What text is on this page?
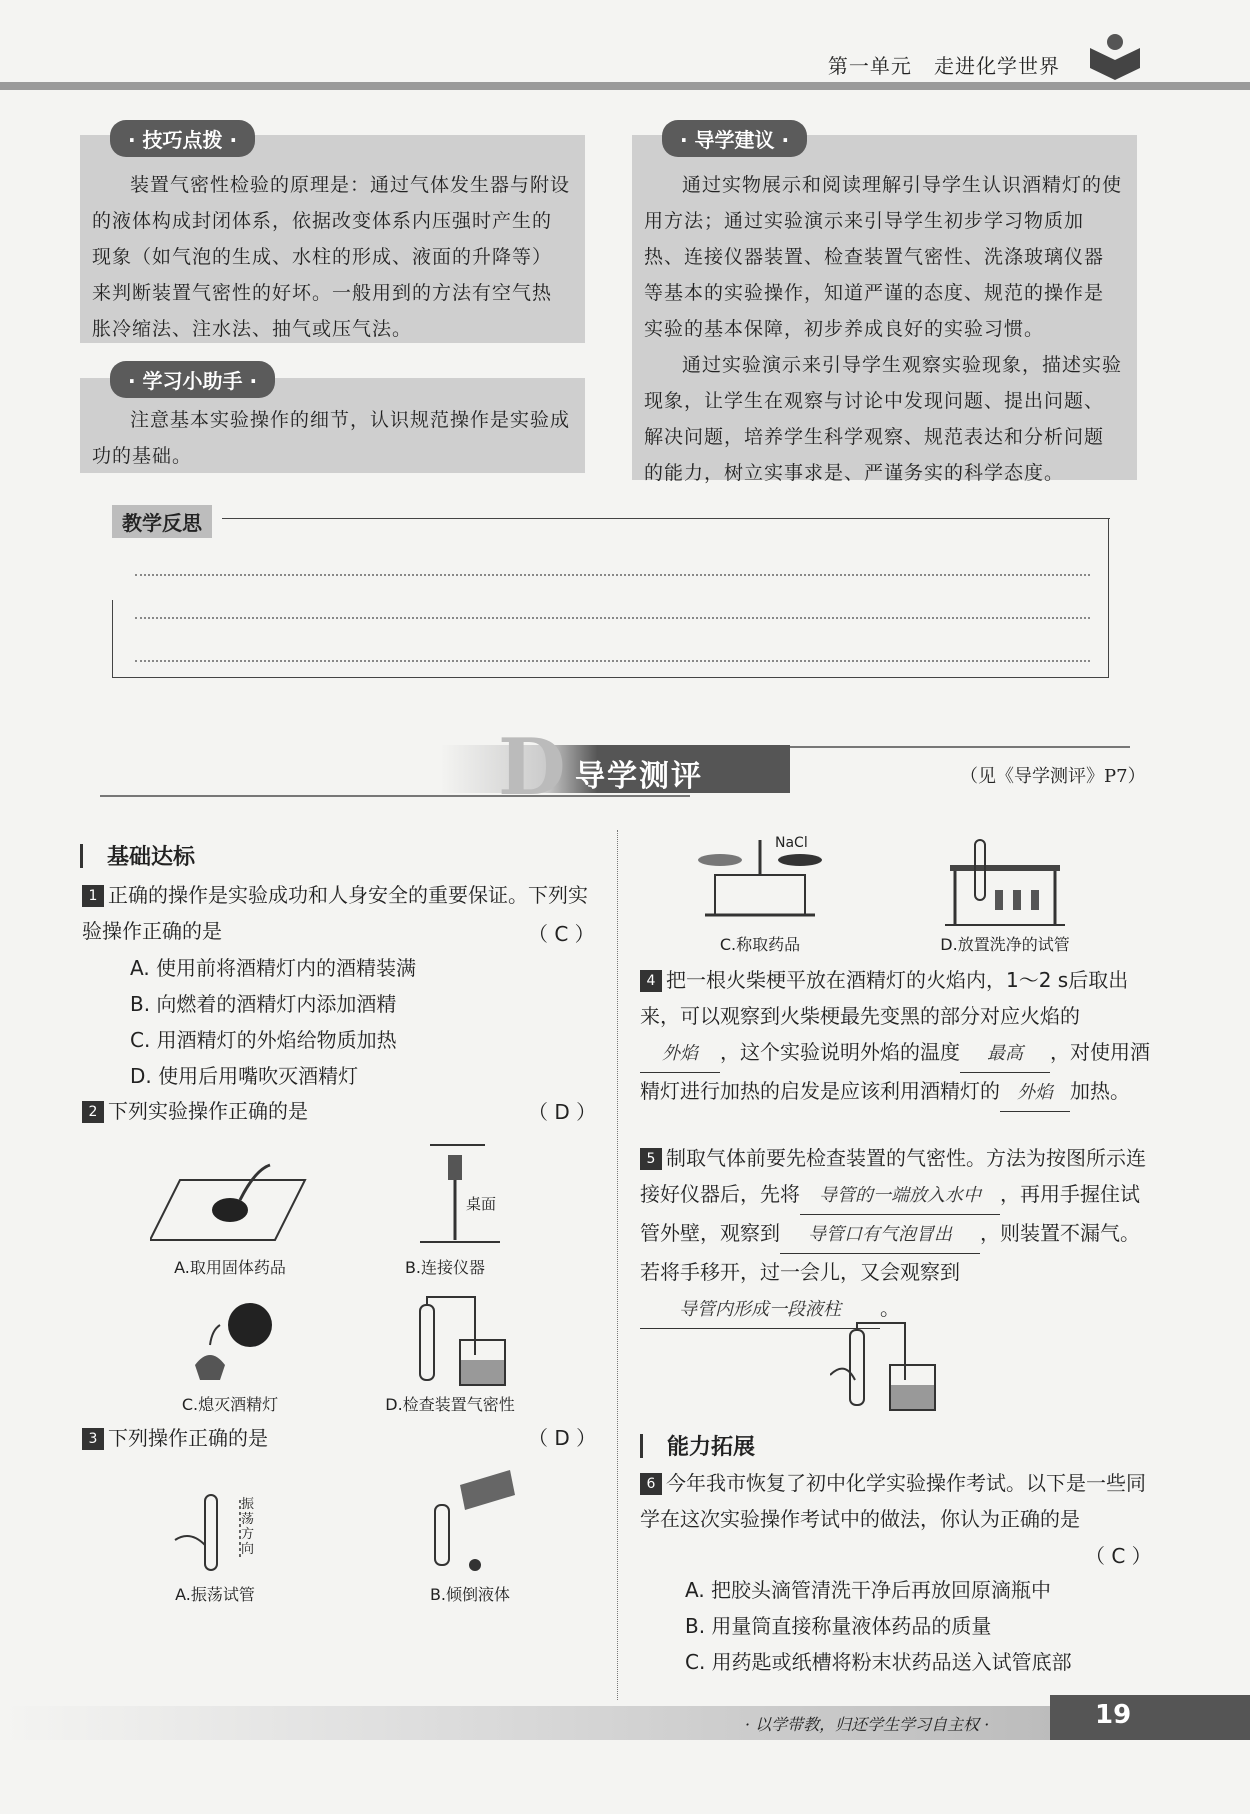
第一单元 走进化学世界
装置气密性检验的原理是：通过气体发生器与附设的液体构成封闭体系，依据改变体系内压强时产生的现象（如气泡的生成、水柱的形成、液面的升降等）来判断装置气密性的好坏。一般用到的方法有空气热胀冷缩法、注水法、抽气或压气法。
· 技巧点拨 ·
注意基本实验操作的细节，认识规范操作是实验成功的基础。
· 学习小助手 ·
通过实物展示和阅读理解引导学生认识酒精灯的使用方法；通过实验演示来引导学生初步学习物质加热、连接仪器装置、检查装置气密性、洗涤玻璃仪器等基本的实验操作，知道严谨的态度、规范的操作是实验的基本保障，初步养成良好的实验习惯。
通过实验演示来引导学生观察实验现象，描述实验现象，让学生在观察与讨论中发现问题、提出问题、解决问题，培养学生科学观察、规范表达和分析问题的能力，树立实事求是、严谨务实的科学态度。
· 导学建议 ·
教学反思
D 导学测评	（见《导学测评》P7）
基础达标
1 正确的操作是实验成功和人身安全的重要保证。下列实验操作正确的是	（ C ）
A. 使用前将酒精灯内的酒精装满
B. 向燃着的酒精灯内添加酒精
C. 用酒精灯的外焰给物质加热
D. 使用后用嘴吹灭酒精灯
2 下列实验操作正确的是	（ D ）
A.取用固体药品
桌面
B.连接仪器
C.熄灭酒精灯	D.检查装置气密性
3 下列操作正确的是	（ D ）
振荡方向
A.振荡试管	B.倾倒液体
NaCl
C.称取药品	D.放置洗净的试管
4 把一根火柴梗平放在酒精灯的火焰内，1～2 s后取出来，可以观察到火柴梗最先变黑的部分对应火焰的外焰 ，这个实验说明外焰的温度 最高 ，对使用酒精灯进行加热的启发是应该利用酒精灯的 外焰 加热。
5 制取气体前要先检查装置的气密性。方法为按图所示连接好仪器后，先将 导管的一端放入水中 ，再用手握住试管外壁，观察到 导管口有气泡冒出 ，则装置不漏气。若将手移开，过一会儿，又会观察到
导管内形成一段液柱 。
能力拓展
6 今年我市恢复了初中化学实验操作考试。以下是一些同学在这次实验操作考试中的做法，你认为正确的是
（ C ）
A. 把胶头滴管清洗干净后再放回原滴瓶中
B. 用量筒直接称量液体药品的质量
C. 用药匙或纸槽将粉末状药品送入试管底部
· 以学带教，归还学生学习自主权 ·	19
